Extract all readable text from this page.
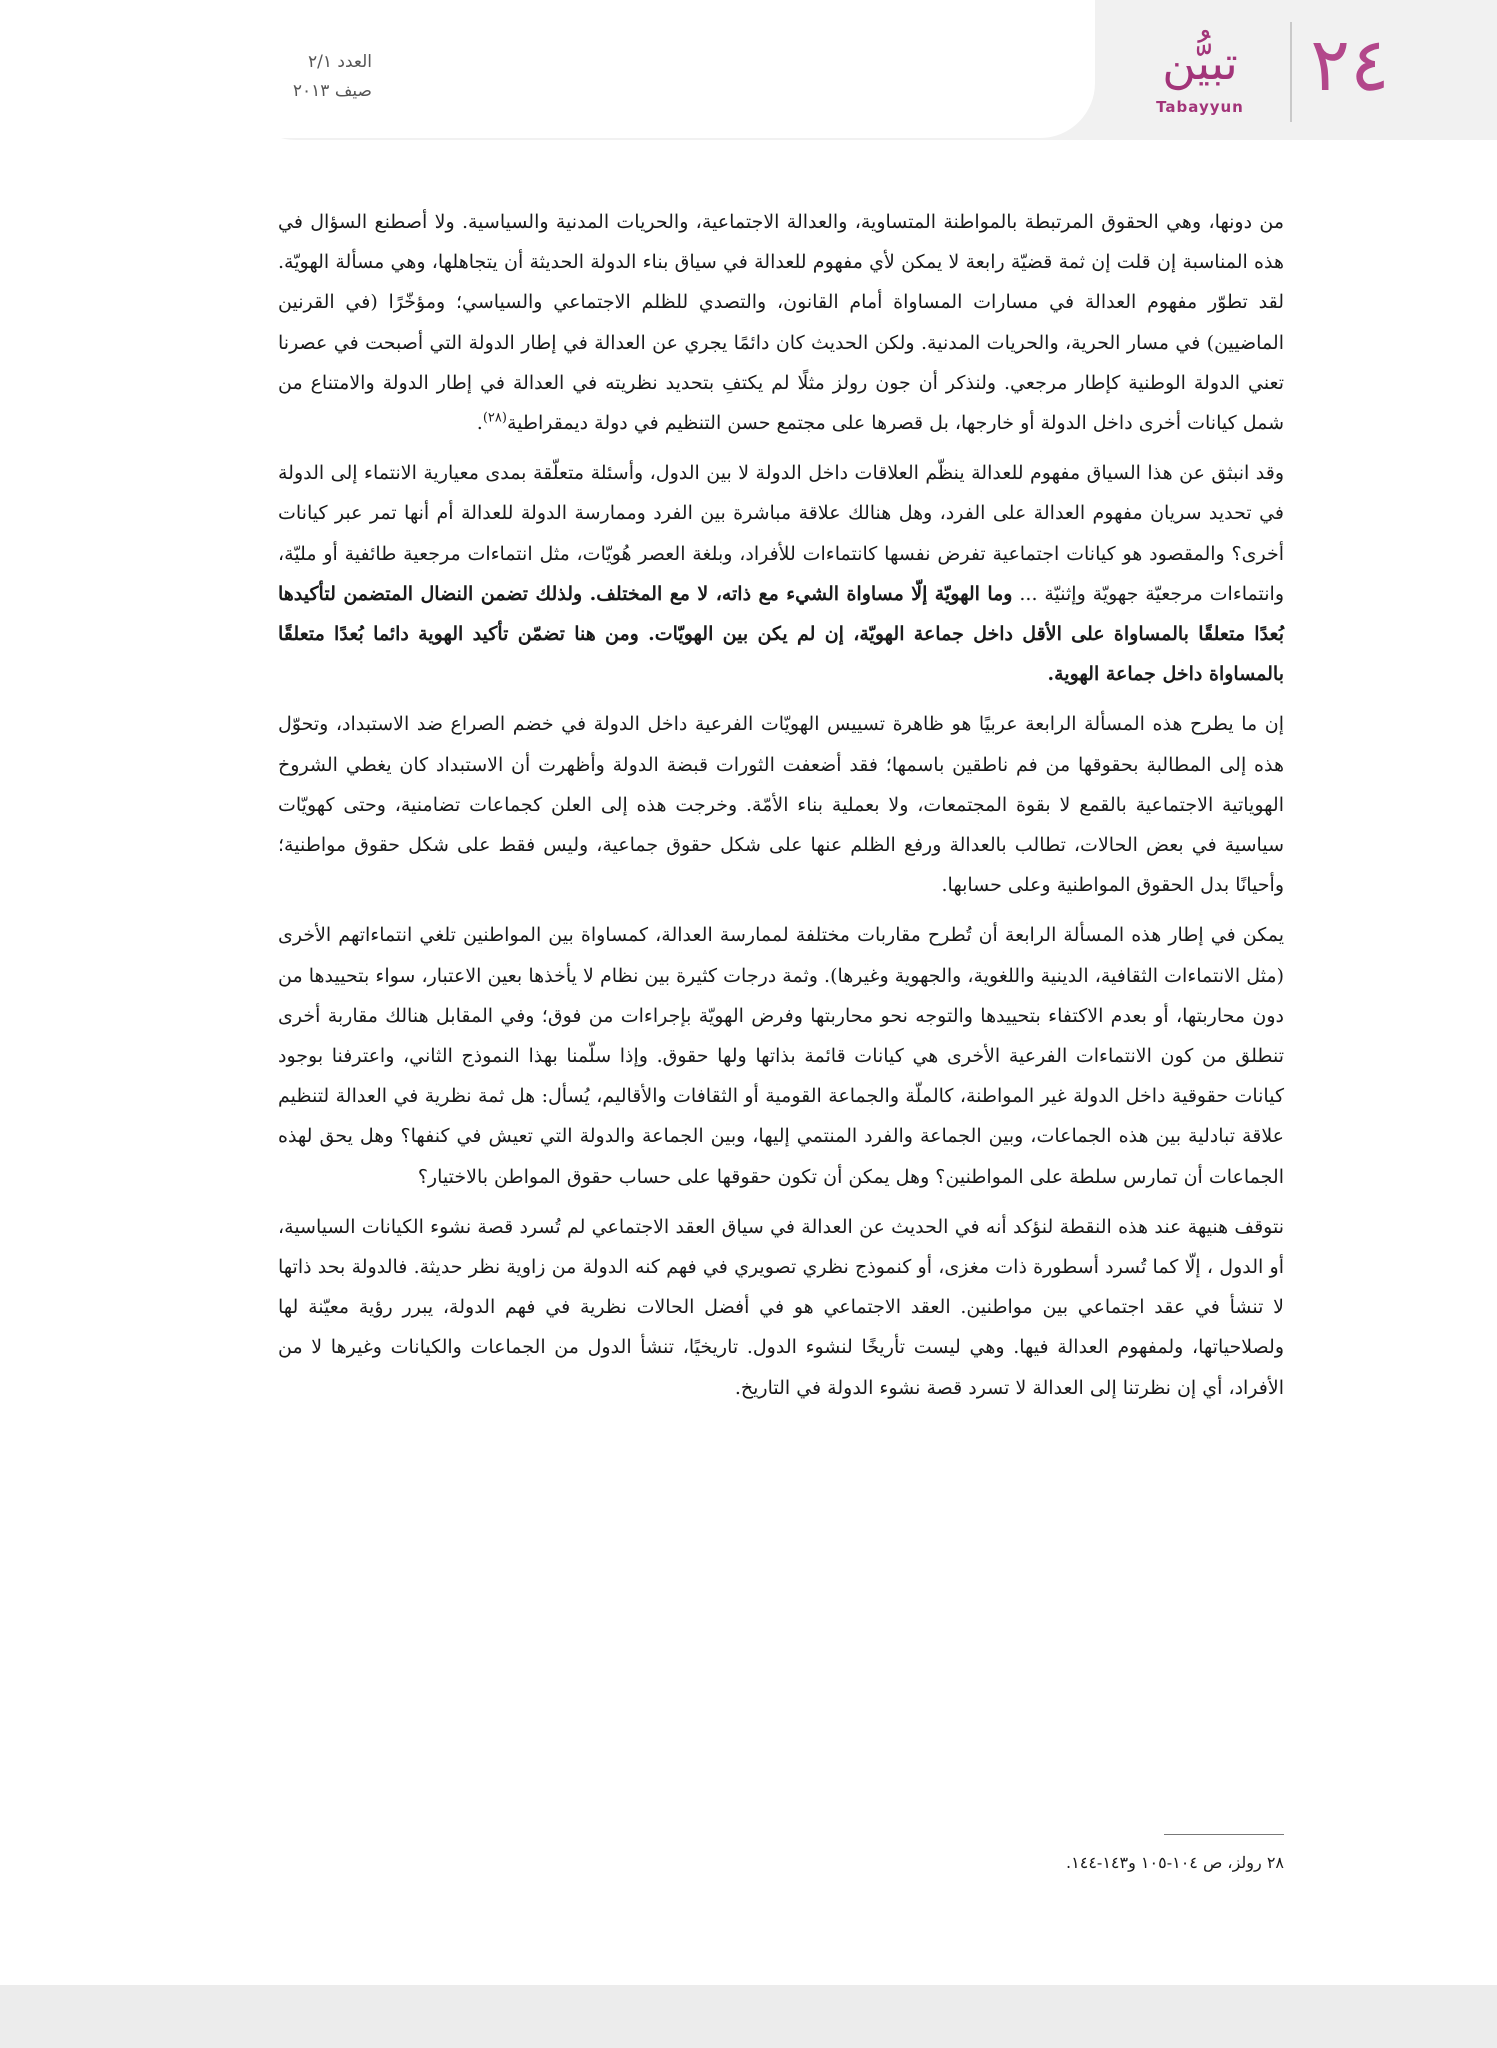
العدد ٢/١
صيف ٢٠١٣
تبيُّن
Tabayyun ٢٤

من دونها، وهي الحقوق المرتبطة بالمواطنة المتساوية، والعدالة الاجتماعية، والحريات المدنية والسياسية. ولا أصطنع السؤال في هذه المناسبة إن قلت إن ثمة قضيّة رابعة لا يمكن لأي مفهوم للعدالة في سياق بناء الدولة الحديثة أن يتجاهلها، وهي مسألة الهويّة. لقد تطوّر مفهوم العدالة في مسارات المساواة أمام القانون، والتصدي للظلم الاجتماعي والسياسي؛ ومؤخّرًا (في القرنين الماضيين) في مسار الحرية، والحريات المدنية. ولكن الحديث كان دائمًا يجري عن العدالة في إطار الدولة التي أصبحت في عصرنا تعني الدولة الوطنية كإطار مرجعي. ولنذكر أن جون رولز مثلًا لم يكتفِ بتحديد نظريته في العدالة في إطار الدولة والامتناع من شمل كيانات أخرى داخل الدولة أو خارجها، بل قصرها على مجتمع حسن التنظيم في دولة ديمقراطية$^{(٢٨)}$.

وقد انبثق عن هذا السياق مفهوم للعدالة ينظّم العلاقات داخل الدولة لا بين الدول، وأسئلة متعلّقة بمدى معيارية الانتماء إلى الدولة في تحديد سريان مفهوم العدالة على الفرد، وهل هنالك علاقة مباشرة بين الفرد وممارسة الدولة للعدالة أم أنها تمر عبر كيانات أخرى؟ والمقصود هو كيانات اجتماعية تفرض نفسها كانتماءات للأفراد، وبلغة العصر هُويّات، مثل انتماءات مرجعية طائفية أو مليّة، وانتماءات مرجعيّة جهويّة وإثنيّة ... وما الهويّة إلّا مساواة الشيء مع ذاته، لا مع المختلف. ولذلك تضمن النضال المتضمن لتأكيدها بُعدًا متعلقًا بالمساواة على الأقل داخل جماعة الهويّة، إن لم يكن بين الهويّات. ومن هنا تضمّن تأكيد الهوية دائما بُعدًا متعلقًا بالمساواة داخل جماعة الهوية.

إن ما يطرح هذه المسألة الرابعة عربيًا هو ظاهرة تسييس الهويّات الفرعية داخل الدولة في خضم الصراع ضد الاستبداد، وتحوّل هذه إلى المطالبة بحقوقها من فم ناطقين باسمها؛ فقد أضعفت الثورات قبضة الدولة وأظهرت أن الاستبداد كان يغطي الشروخ الهوياتية الاجتماعية بالقمع لا بقوة المجتمعات، ولا بعملية بناء الأمّة. وخرجت هذه إلى العلن كجماعات تضامنية، وحتى كهويّات سياسية في بعض الحالات، تطالب بالعدالة ورفع الظلم عنها على شكل حقوق جماعية، وليس فقط على شكل حقوق مواطنية؛ وأحيانًا بدل الحقوق المواطنية وعلى حسابها.

يمكن في إطار هذه المسألة الرابعة أن تُطرح مقاربات مختلفة لممارسة العدالة، كمساواة بين المواطنين تلغي انتماءاتهم الأخرى (مثل الانتماءات الثقافية، الدينية واللغوية، والجهوية وغيرها). وثمة درجات كثيرة بين نظام لا يأخذها بعين الاعتبار، سواء بتحييدها من دون محاربتها، أو بعدم الاكتفاء بتحييدها والتوجه نحو محاربتها وفرض الهويّة بإجراءات من فوق؛ وفي المقابل هنالك مقاربة أخرى تنطلق من كون الانتماءات الفرعية الأخرى هي كيانات قائمة بذاتها ولها حقوق. وإذا سلّمنا بهذا النموذج الثاني، واعترفنا بوجود كيانات حقوقية داخل الدولة غير المواطنة، كالملّة والجماعة القومية أو الثقافات والأقاليم، يُسأل: هل ثمة نظرية في العدالة لتنظيم علاقة تبادلية بين هذه الجماعات، وبين الجماعة والفرد المنتمي إليها، وبين الجماعة والدولة التي تعيش في كنفها؟ وهل يحق لهذه الجماعات أن تمارس سلطة على المواطنين؟ وهل يمكن أن تكون حقوقها على حساب حقوق المواطن بالاختيار؟

نتوقف هنيهة عند هذه النقطة لنؤكد أنه في الحديث عن العدالة في سياق العقد الاجتماعي لم تُسرد قصة نشوء الكيانات السياسية، أو الدول ، إلّا كما تُسرد أسطورة ذات مغزى، أو كنموذج نظري تصويري في فهم كنه الدولة من زاوية نظر حديثة. فالدولة بحد ذاتها لا تنشأ في عقد اجتماعي بين مواطنين. العقد الاجتماعي هو في أفضل الحالات نظرية في فهم الدولة، يبرر رؤية معيّنة لها ولصلاحياتها، ولمفهوم العدالة فيها. وهي ليست تأريخًا لنشوء الدول. تاريخيًا، تنشأ الدول من الجماعات والكيانات وغيرها لا من الأفراد، أي إن نظرتنا إلى العدالة لا تسرد قصة نشوء الدولة في التاريخ.

٢٨ رولز، ص ١٠٤-١٠٥ و١٤٣-١٤٤.
